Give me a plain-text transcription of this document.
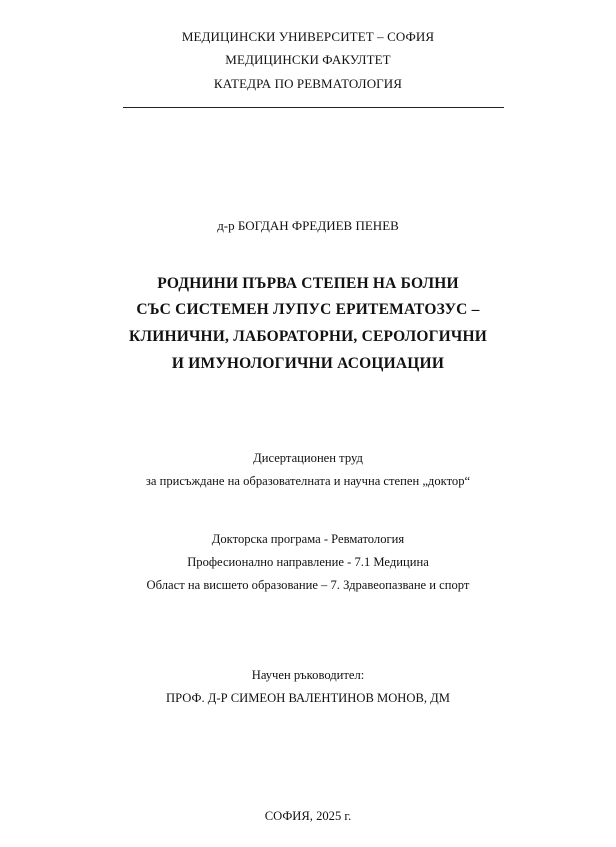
МЕДИЦИНСКИ УНИВЕРСИТЕТ – СОФИЯ
МЕДИЦИНСКИ ФАКУЛТЕТ
КАТЕДРА ПО РЕВМАТОЛОГИЯ
д-р БОГДАН ФРЕДИЕВ ПЕНЕВ
РОДНИНИ ПЪРВА СТЕПЕН НА БОЛНИ
СЪС СИСТЕМЕН ЛУПУС ЕРИТЕМАТОЗУС –
КЛИНИЧНИ, ЛАБОРАТОРНИ, СЕРОЛОГИЧНИ
И ИМУНОЛОГИЧНИ АСОЦИАЦИИ
Дисертационен труд
за присъждане на образователната и научна степен „доктор“
Докторска програма - Ревматология
Професионално направление - 7.1 Медицина
Област на висшето образование – 7. Здравеопазване и спорт
Научен ръководител:
ПРОФ. Д-Р СИМЕОН ВАЛЕНТИНОВ МОНОВ, ДМ
СОФИЯ, 2025 г.
